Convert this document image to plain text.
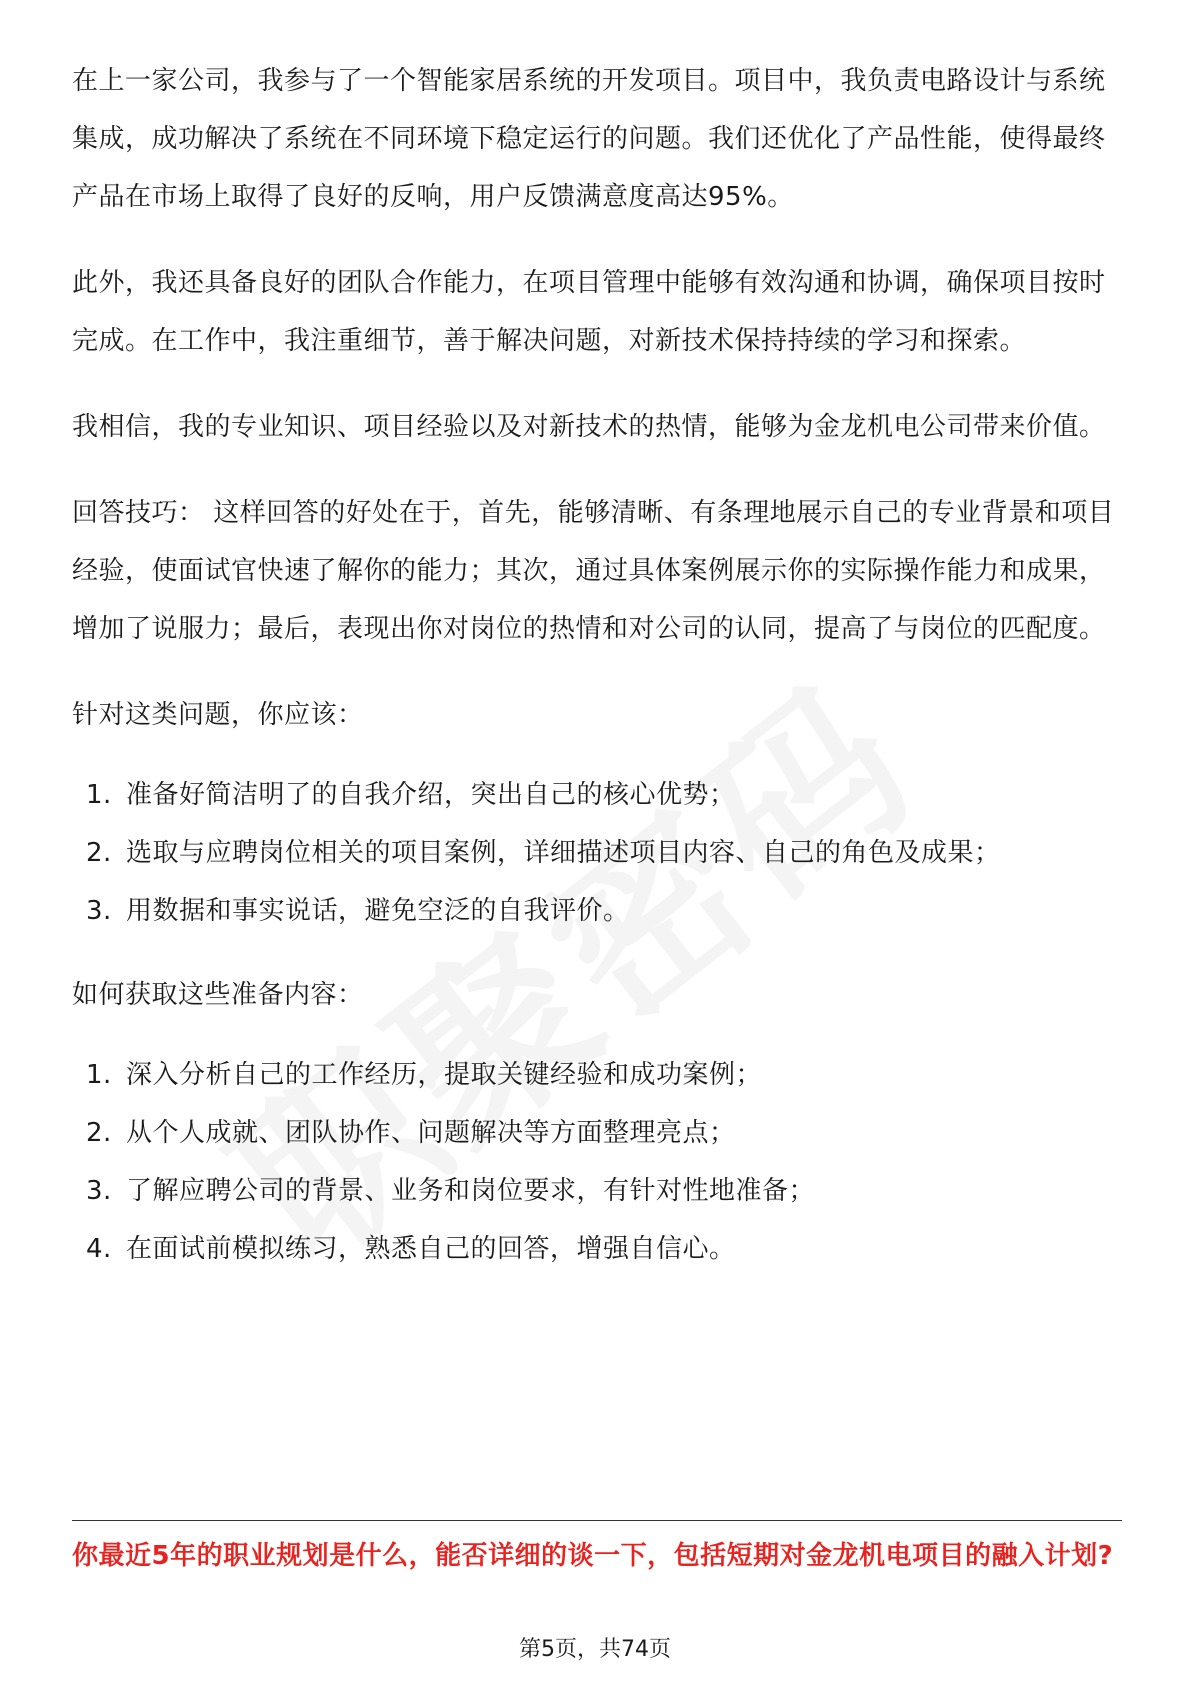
在上一家公司，我参与了一个智能家居系统的开发项目。项目中，我负责电路设计与系统集成，成功解决了系统在不同环境下稳定运行的问题。我们还优化了产品性能，使得最终产品在市场上取得了良好的反响，用户反馈满意度高达95%。

此外，我还具备良好的团队合作能力，在项目管理中能够有效沟通和协调，确保项目按时完成。在工作中，我注重细节，善于解决问题，对新技术保持持续的学习和探索。

我相信，我的专业知识、项目经验以及对新技术的热情，能够为金龙机电公司带来价值。

回答技巧： 这样回答的好处在于，首先，能够清晰、有条理地展示自己的专业背景和项目经验，使面试官快速了解你的能力；其次，通过具体案例展示你的实际操作能力和成果，增加了说服力；最后，表现出你对岗位的热情和对公司的认同，提高了与岗位的匹配度。

针对这类问题，你应该：

1. 准备好简洁明了的自我介绍，突出自己的核心优势；
2. 选取与应聘岗位相关的项目案例，详细描述项目内容、自己的角色及成果；
3. 用数据和事实说话，避免空泛的自我评价。

如何获取这些准备内容：

1. 深入分析自己的工作经历，提取关键经验和成功案例；
2. 从个人成就、团队协作、问题解决等方面整理亮点；
3. 了解应聘公司的背景、业务和岗位要求，有针对性地准备；
4. 在面试前模拟练习，熟悉自己的回答，增强自信心。

你最近5年的职业规划是什么，能否详细的谈一下，包括短期对金龙机电项目的融入计划?

第5页，共74页
